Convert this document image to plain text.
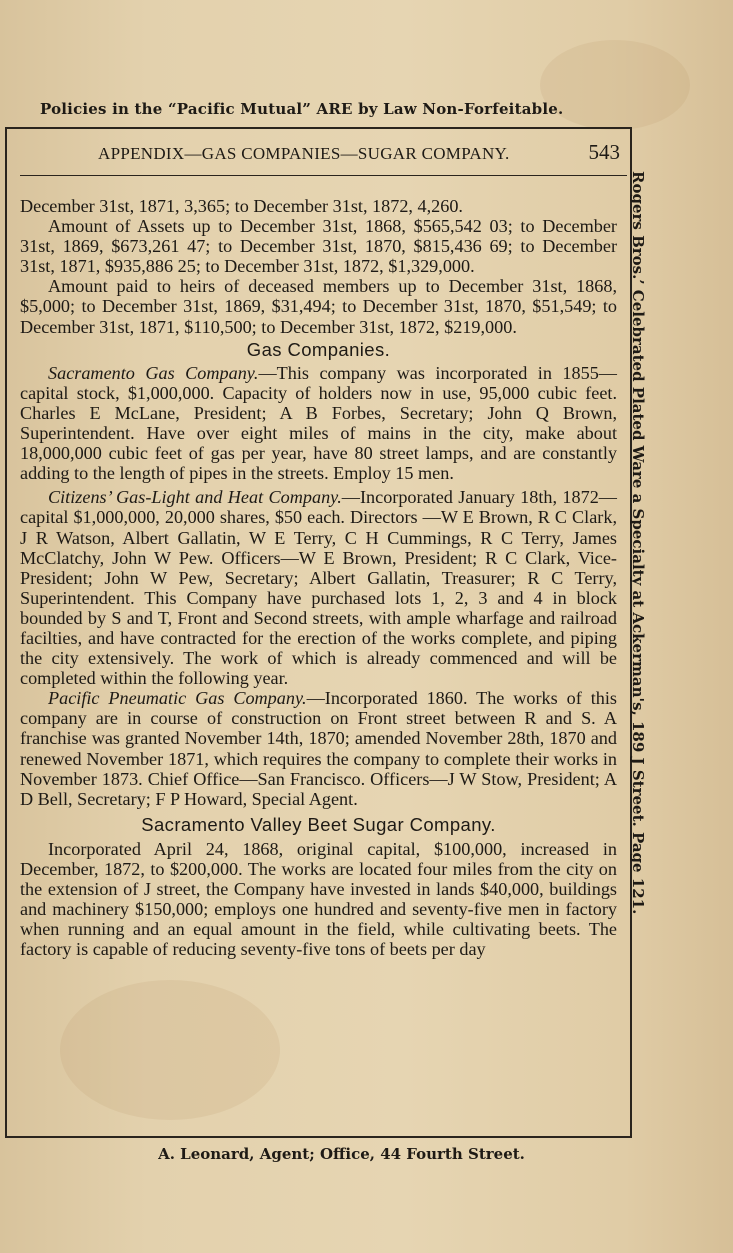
Policies in the “Pacific Mutual” ARE by Law Non-Forfeitable.
APPENDIX—GAS COMPANIES—SUGAR COMPANY.	543

December 31st, 1871, 3,365; to December 31st, 1872, 4,260.

Amount of Assets up to December 31st, 1868, $565,542 03; to December 31st, 1869, $673,261 47; to December 31st, 1870, $815,436 69; to December 31st, 1871, $935,886 25; to December 31st, 1872, $1,329,000.

Amount paid to heirs of deceased members up to December 31st, 1868, $5,000; to December 31st, 1869, $31,494; to December 31st, 1870, $51,549; to December 31st, 1871, $110,500; to December 31st, 1872, $219,000.

Gas Companies.

Sacramento Gas Company.—This company was incorporated in 1855—capital stock, $1,000,000. Capacity of holders now in use, 95,000 cubic feet. Charles E McLane, President; A B Forbes, Secretary; John Q Brown, Superintendent. Have over eight miles of mains in the city, make about 18,000,000 cubic feet of gas per year, have 80 street lamps, and are constantly adding to the length of pipes in the streets. Employ 15 men.

Citizens’ Gas-Light and Heat Company.—Incorporated January 18th, 1872—capital $1,000,000, 20,000 shares, $50 each. Directors —W E Brown, R C Clark, J R Watson, Albert Gallatin, W E Terry, C H Cummings, R C Terry, James McClatchy, John W Pew. Officers—W E Brown, President; R C Clark, Vice-President; John W Pew, Secretary; Albert Gallatin, Treasurer; R C Terry, Superintendent. This Company have purchased lots 1, 2, 3 and 4 in block bounded by S and T, Front and Second streets, with ample wharfage and railroad facilties, and have contracted for the erection of the works complete, and piping the city extensively. The work of which is already commenced and will be completed within the following year.

Pacific Pneumatic Gas Company.—Incorporated 1860. The works of this company are in course of construction on Front street between R and S. A franchise was granted November 14th, 1870; amended November 28th, 1870 and renewed November 1871, which requires the company to complete their works in November 1873. Chief Office—San Francisco. Officers—J W Stow, President; A D Bell, Secretary; F P Howard, Special Agent.

Sacramento Valley Beet Sugar Company.

Incorporated April 24, 1868, original capital, $100,000, increased in December, 1872, to $200,000. The works are located four miles from the city on the extension of J street, the Company have invested in lands $40,000, buildings and machinery $150,000; employs one hundred and seventy-five men in factory when running and an equal amount in the field, while cultivating beets. The factory is capable of reducing seventy-five tons of beets per day

A. Leonard, Agent; Office, 44 Fourth Street.
Rogers Bros.’ Celebrated Plated Ware a Specialty at Ackerman's, 189 J Street. Page 121.
